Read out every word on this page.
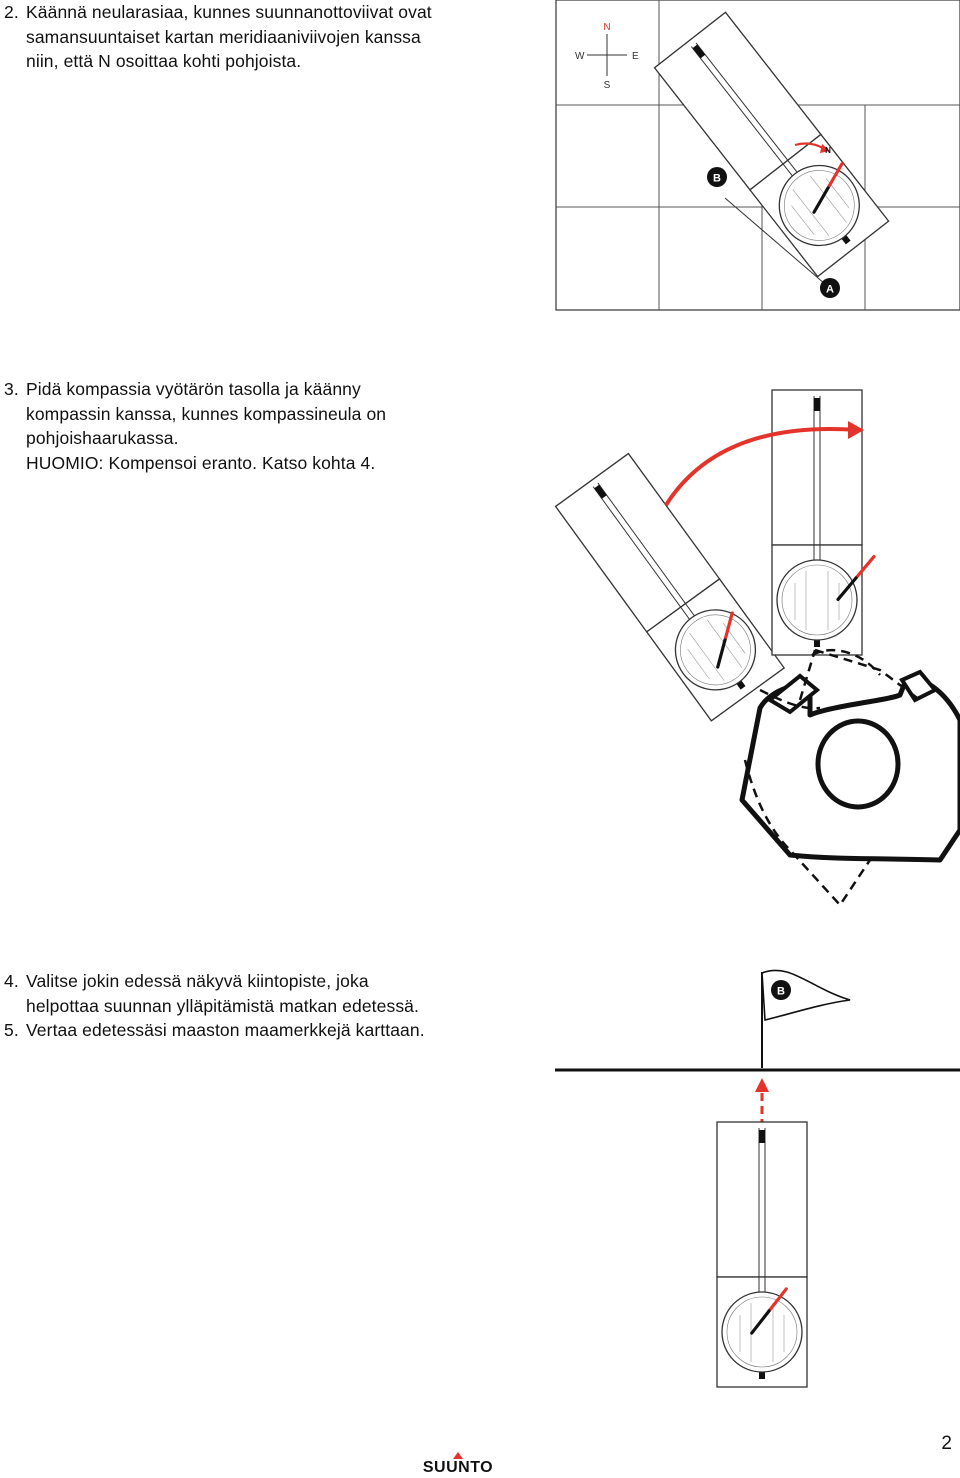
2. Käännä neularasiaa, kunnes suunnanottoviivat ovat
samansuuntaiset kartan meridiaaniviivojen kanssa
niin, että N osoittaa kohti pohjoista.
3. Pidä kompassia vyötärön tasolla ja käänny
kompassin kanssa, kunnes kompassineula on
pohjoishaarukassa.
HUOMIO: Kompensoi eranto. Katso kohta 4.
4. Valitse jokin edessä näkyvä kiintopiste, joka
helpottaa suunnan ylläpitämistä matkan edetessä.
5. Vertaa edetessäsi maaston maamerkkejä karttaan.
N
E
S
W
N
B
A
B
2
SUUNTO
